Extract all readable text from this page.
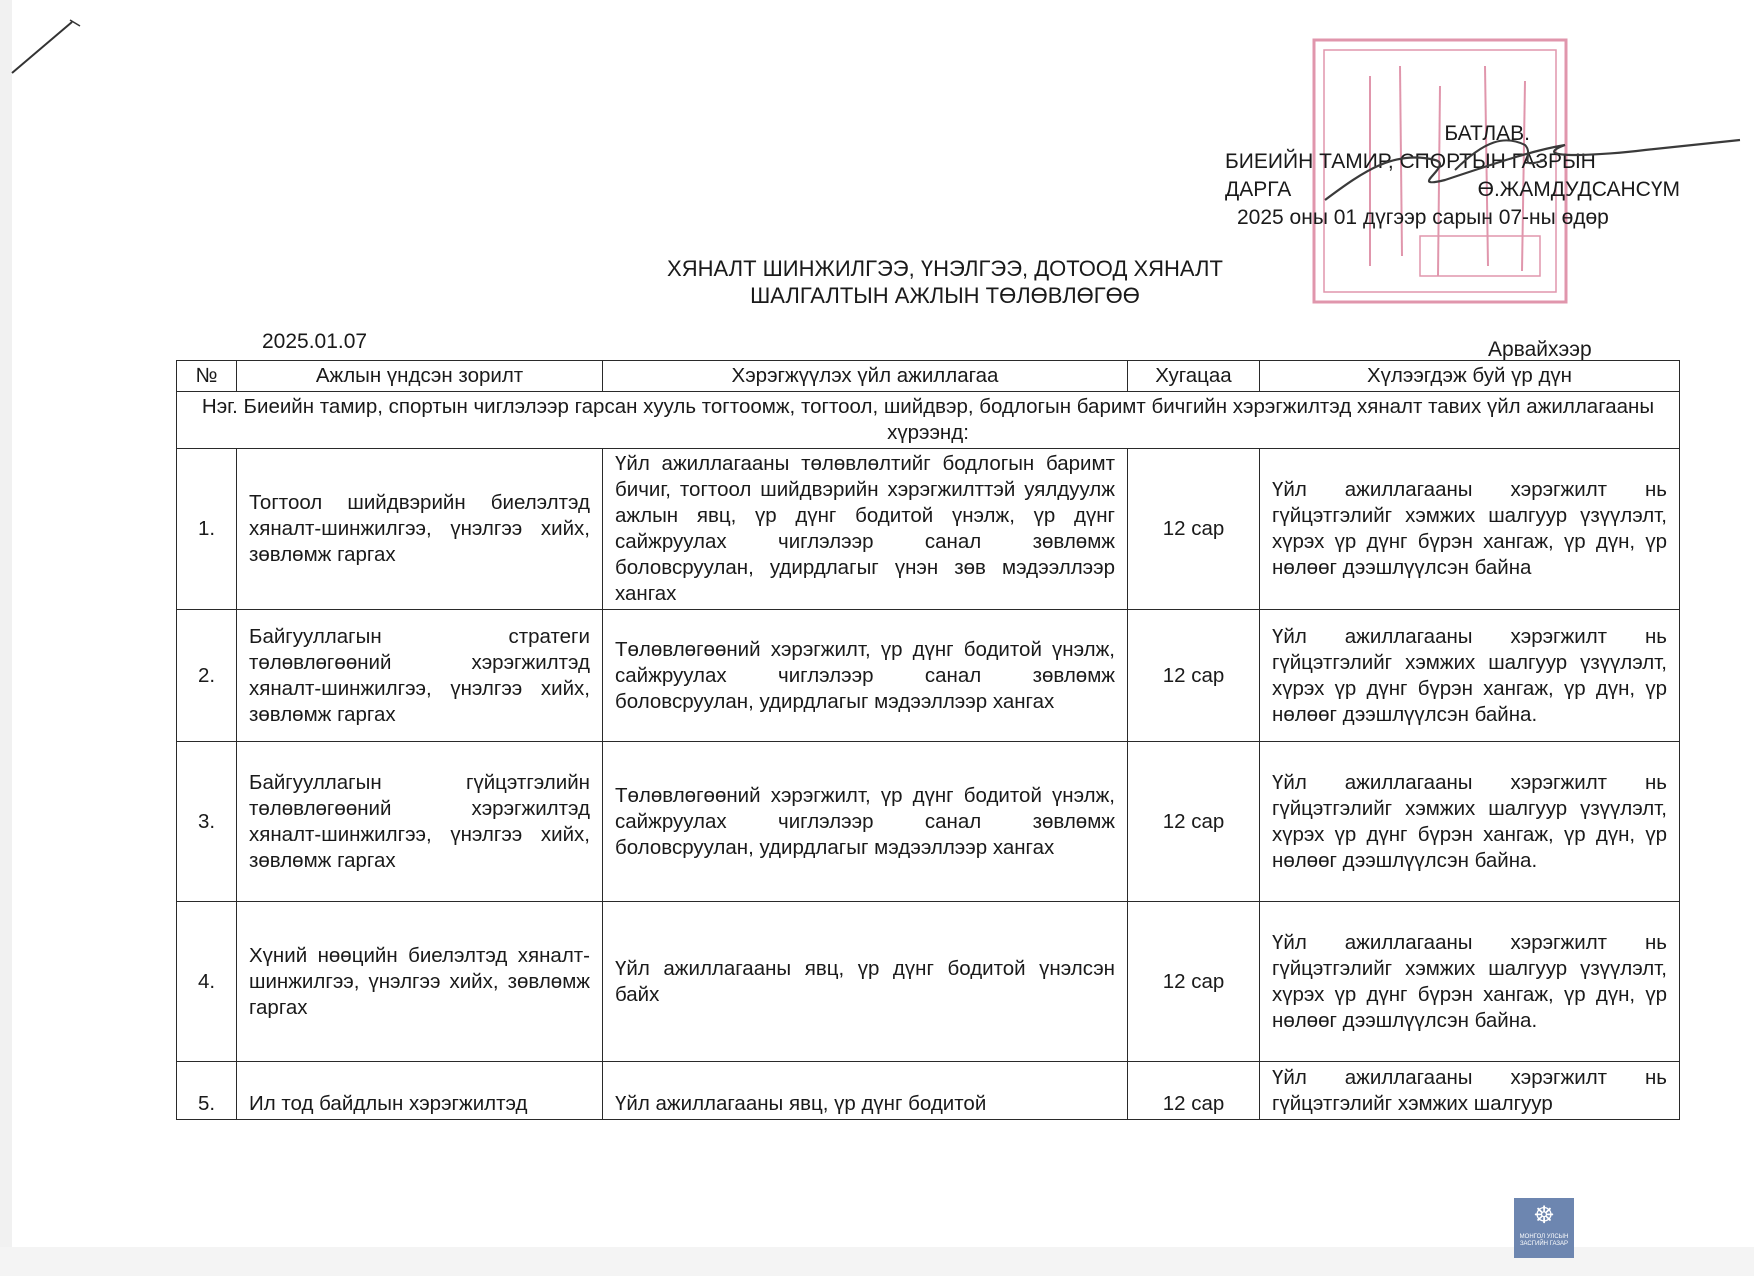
БАТЛАВ.
БИЕИЙН ТАМИР, СПОРТЫН ГАЗРЫН
ДАРГА	Ө.ЖАМДУДСАНСҮМ
2025 оны 01 дүгээр сарын 07-ны өдөр
ХЯНАЛТ ШИНЖИЛГЭЭ, ҮНЭЛГЭЭ, ДОТООД ХЯНАЛТ
ШАЛГАЛТЫН АЖЛЫН ТӨЛӨВЛӨГӨӨ
2025.01.07	Арвайхээр
№	Ажлын үндсэн зорилт	Хэрэгжүүлэх үйл ажиллагаа	Хугацаа	Хүлээгдэж буй үр дүн
Нэг. Биеийн тамир, спортын чиглэлээр гарсан хууль тогтоомж, тогтоол, шийдвэр, бодлогын баримт бичгийн хэрэгжилтэд хяналт тавих үйл ажиллагааны хүрээнд:				
1.	Тогтоол шийдвэрийн биелэлтэд хяналт-шинжилгээ, үнэлгээ хийх, зөвлөмж гаргах	Үйл ажиллагааны төлөвлөлтийг бодлогын баримт бичиг, тогтоол шийдвэрийн хэрэгжилттэй уялдуулж ажлын явц, үр дүнг бодитой үнэлж, үр дүнг сайжруулах чиглэлээр санал зөвлөмж боловсруулан, удирдлагыг үнэн зөв мэдээллээр хангах	12 сар	Үйл ажиллагааны хэрэгжилт нь гүйцэтгэлийг хэмжих шалгуур үзүүлэлт, хүрэх үр дүнг бүрэн хангаж, үр дүн, үр нөлөөг дээшлүүлсэн байна
2.	Байгууллагын стратеги төлөвлөгөөний хэрэгжилтэд хяналт-шинжилгээ, үнэлгээ хийх, зөвлөмж гаргах	Төлөвлөгөөний хэрэгжилт, үр дүнг бодитой үнэлж, сайжруулах чиглэлээр санал зөвлөмж боловсруулан, удирдлагыг мэдээллээр хангах	12 сар	Үйл ажиллагааны хэрэгжилт нь гүйцэтгэлийг хэмжих шалгуур үзүүлэлт, хүрэх үр дүнг бүрэн хангаж, үр дүн, үр нөлөөг дээшлүүлсэн байна.
3.	Байгууллагын гүйцэтгэлийн төлөвлөгөөний хэрэгжилтэд хяналт-шинжилгээ, үнэлгээ хийх, зөвлөмж гаргах	Төлөвлөгөөний хэрэгжилт, үр дүнг бодитой үнэлж, сайжруулах чиглэлээр санал зөвлөмж боловсруулан, удирдлагыг мэдээллээр хангах	12 сар	Үйл ажиллагааны хэрэгжилт нь гүйцэтгэлийг хэмжих шалгуур үзүүлэлт, хүрэх үр дүнг бүрэн хангаж, үр дүн, үр нөлөөг дээшлүүлсэн байна.
4.	Хүний нөөцийн биелэлтэд хяналт-шинжилгээ, үнэлгээ хийх, зөвлөмж гаргах	Үйл ажиллагааны явц, үр дүнг бодитой үнэлсэн байх	12 сар	Үйл ажиллагааны хэрэгжилт нь гүйцэтгэлийг хэмжих шалгуур үзүүлэлт, хүрэх үр дүнг бүрэн хангаж, үр дүн, үр нөлөөг дээшлүүлсэн байна.
5.	Ил тод байдлын хэрэгжилтэд	Үйл ажиллагааны явц, үр дүнг бодитой	12 сар	Үйл ажиллагааны хэрэгжилт нь гүйцэтгэлийг хэмжих шалгуур
☸
МОНГОЛ УЛСЫН
ЗАСГИЙН ГАЗАР
